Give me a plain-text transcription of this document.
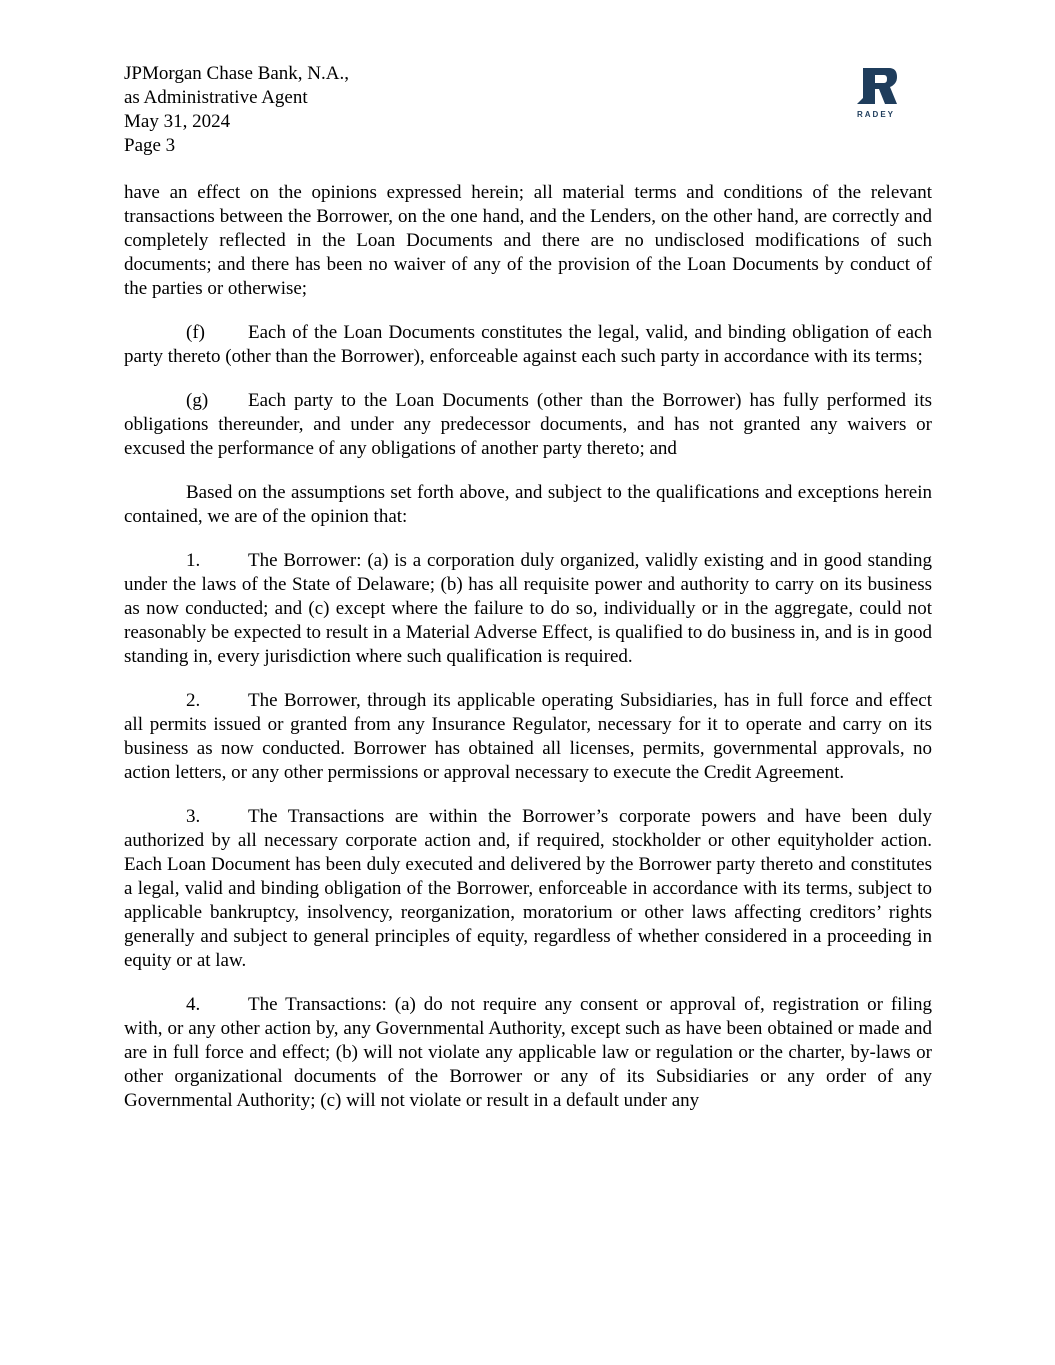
JPMorgan Chase Bank, N.A.,
as Administrative Agent
May 31, 2024
Page 3
RADEY

have an effect on the opinions expressed herein; all material terms and conditions of the relevant transactions between the Borrower, on the one hand, and the Lenders, on the other hand, are correctly and completely reflected in the Loan Documents and there are no undisclosed modifications of such documents; and there has been no waiver of any of the provision of the Loan Documents by conduct of the parties or otherwise;

(f) Each of the Loan Documents constitutes the legal, valid, and binding obligation of each party thereto (other than the Borrower), enforceable against each such party in accordance with its terms;

(g) Each party to the Loan Documents (other than the Borrower) has fully performed its obligations thereunder, and under any predecessor documents, and has not granted any waivers or excused the performance of any obligations of another party thereto; and

Based on the assumptions set forth above, and subject to the qualifications and exceptions herein contained, we are of the opinion that:

1.	The Borrower: (a) is a corporation duly organized, validly existing and in good standing under the laws of the State of Delaware; (b) has all requisite power and authority to carry on its business as now conducted; and (c) except where the failure to do so, individually or in the aggregate, could not reasonably be expected to result in a Material Adverse Effect, is qualified to do business in, and is in good standing in, every jurisdiction where such qualification is required.

2.	The Borrower, through its applicable operating Subsidiaries, has in full force and effect all permits issued or granted from any Insurance Regulator, necessary for it to operate and carry on its business as now conducted. Borrower has obtained all licenses, permits, governmental approvals, no action letters, or any other permissions or approval necessary to execute the Credit Agreement.

3.	The Transactions are within the Borrower’s corporate powers and have been duly authorized by all necessary corporate action and, if required, stockholder or other equityholder action. Each Loan Document has been duly executed and delivered by the Borrower party thereto and constitutes a legal, valid and binding obligation of the Borrower, enforceable in accordance with its terms, subject to applicable bankruptcy, insolvency, reorganization, moratorium or other laws affecting creditors’ rights generally and subject to general principles of equity, regardless of whether considered in a proceeding in equity or at law.

4.	The Transactions: (a) do not require any consent or approval of, registration or filing with, or any other action by, any Governmental Authority, except such as have been obtained or made and are in full force and effect; (b) will not violate any applicable law or regulation or the charter, by-laws or other organizational documents of the Borrower or any of its Subsidiaries or any order of any Governmental Authority; (c) will not violate or result in a default under any
